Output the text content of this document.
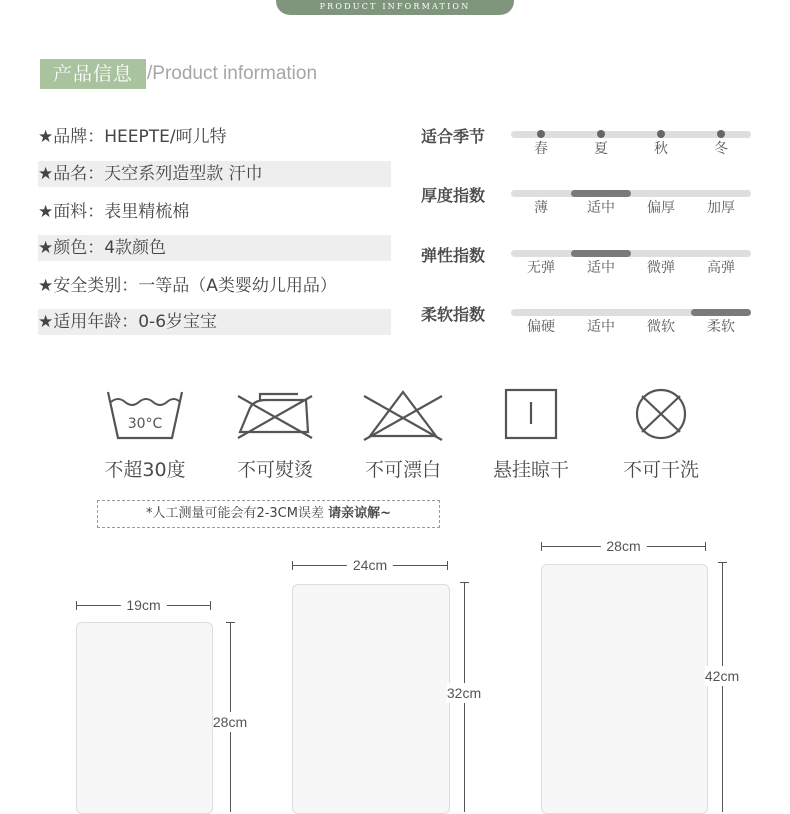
PRODUCT INFORMATION
产品信息 /Product information
★品牌：HEEPTE/呵儿特
★品名：天空系列造型款 汗巾
★面料：表里精梳棉
★颜色：4款颜色
★安全类别：一等品（A类婴幼儿用品）
★适用年龄：0-6岁宝宝
适合季节
春	夏	秋	冬
厚度指数
薄	适中	偏厚	加厚
弹性指数
无弹	适中	微弹	高弹
柔软指数
偏硬	适中	微软	柔软
30°C
不超30度	不可熨烫	不可漂白	悬挂晾干	不可干洗
*人工测量可能会有2-3CM误差 请亲谅解~
19cm
28cm
24cm
32cm
28cm
42cm
